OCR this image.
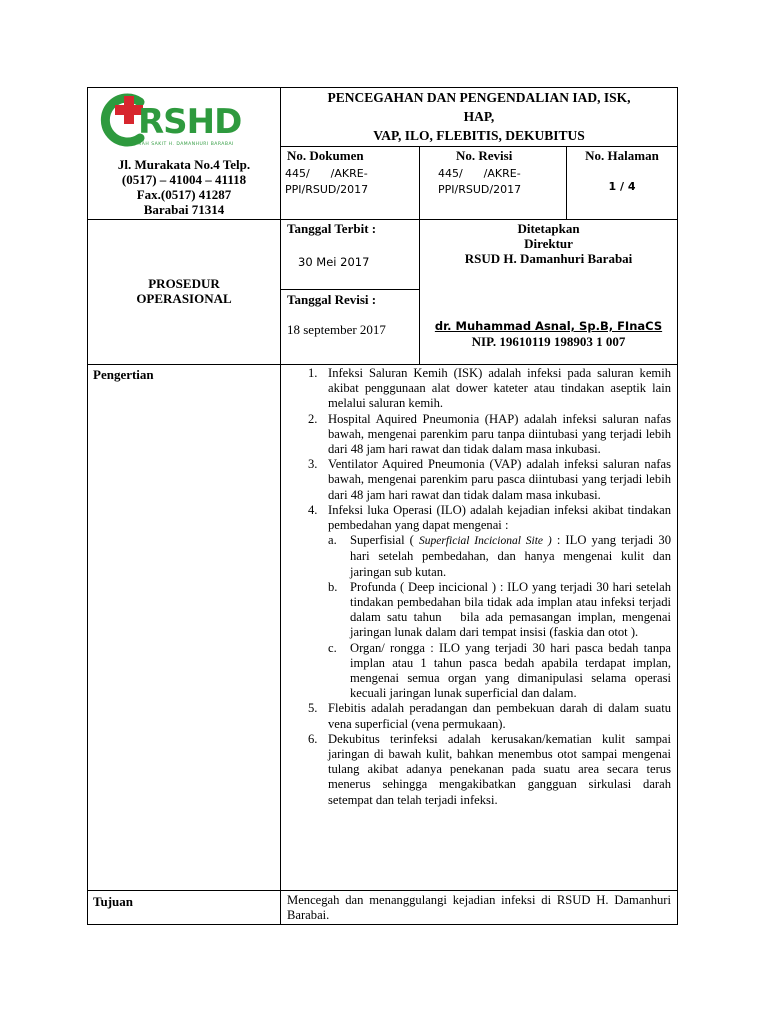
RSHD
RUMAH SAKIT H. DAMANHURI BARABAI
Jl. Murakata No.4 Telp.
(0517) – 41004 – 41118
Fax.(0517) 41287
Barabai 71314
PENCEGAHAN DAN PENGENDALIAN IAD, ISK,
HAP,
VAP, ILO, FLEBITIS, DEKUBITUS
No. Dokumen
445/      /AKRE-
PPI/RSUD/2017
No. Revisi
445/      /AKRE-
PPI/RSUD/2017
No. Halaman
1 / 4
PROSEDUR
OPERASIONAL
Tanggal Terbit :
30 Mei 2017
Tanggal Revisi :
18 september 2017
Ditetapkan
Direktur
RSUD H. Damanhuri Barabai
dr. Muhammad Asnal, Sp.B, FInaCS
NIP. 19610119 198903 1 007
Pengertian	1. Infeksi Saluran Kemih (ISK) adalah infeksi pada saluran kemih akibat penggunaan alat dower kateter atau tindakan aseptik lain melalui saluran kemih.
2. Hospital Aquired Pneumonia (HAP) adalah infeksi saluran nafas bawah, mengenai parenkim paru tanpa diintubasi yang terjadi lebih dari 48 jam hari rawat dan tidak dalam masa inkubasi.
3. Ventilator Aquired Pneumonia (VAP) adalah infeksi saluran nafas bawah, mengenai parenkim paru pasca diintubasi yang terjadi lebih dari 48 jam hari rawat dan tidak dalam masa inkubasi.
4. Infeksi luka Operasi (ILO) adalah kejadian infeksi akibat tindakan pembedahan yang dapat mengenai :
a. Superfisial ( Superficial Incicional Site ) : ILO yang terjadi 30 hari setelah pembedahan, dan hanya mengenai kulit dan jaringan sub kutan.
b. Profunda ( Deep incicional ) : ILO yang terjadi 30 hari setelah tindakan pembedahan bila tidak ada implan atau infeksi terjadi dalam satu tahun   bila ada pemasangan implan, mengenai jaringan lunak dalam dari tempat insisi (faskia dan otot ).
c. Organ/ rongga : ILO yang terjadi 30 hari pasca bedah tanpa implan atau 1 tahun pasca bedah apabila terdapat implan, mengenai semua organ yang dimanipulasi selama operasi kecuali jaringan lunak superficial dan dalam.
5. Flebitis adalah peradangan dan pembekuan darah di dalam suatu vena superficial (vena permukaan).
6. Dekubitus terinfeksi adalah kerusakan/kematian kulit sampai jaringan di bawah kulit, bahkan menembus otot sampai mengenai tulang akibat adanya penekanan pada suatu area secara terus menerus sehingga mengakibatkan gangguan sirkulasi darah setempat dan telah terjadi infeksi.
Tujuan	Mencegah dan menanggulangi kejadian infeksi di RSUD H. Damanhuri Barabai.
